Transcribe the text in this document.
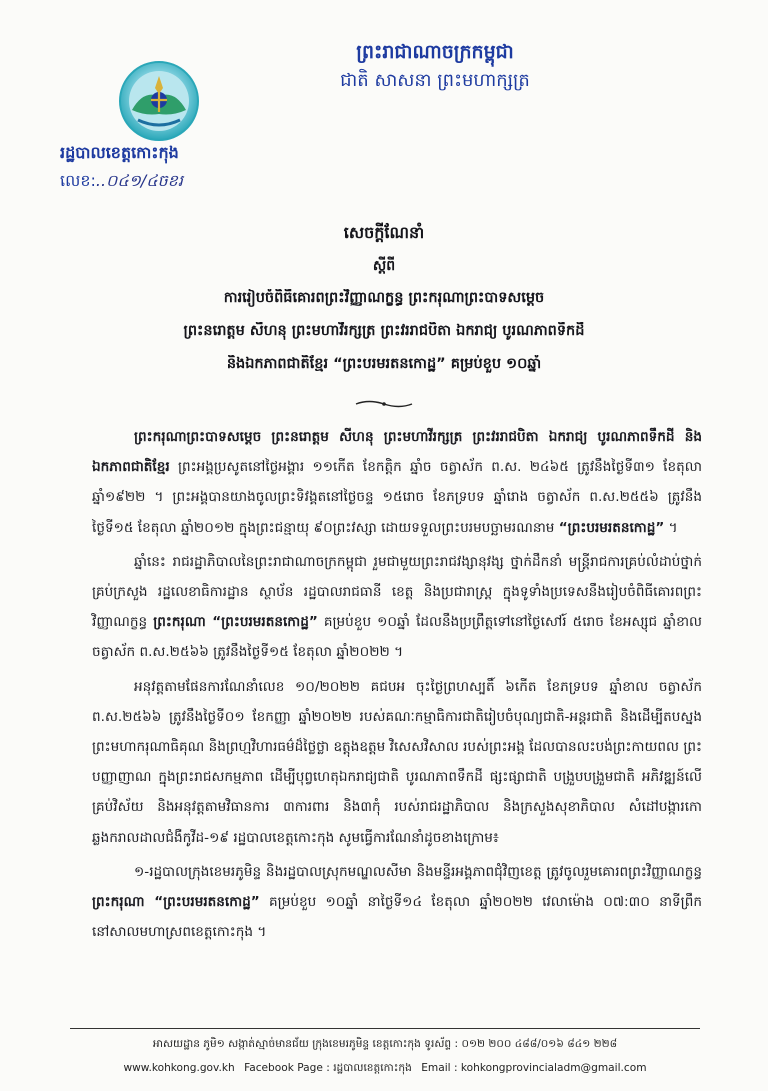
ព្រះរាជាណាចក្រកម្ពុជា
ជាតិ សាសនា ព្រះមហាក្សត្រ
រដ្ឋបាលខេត្តកោះកុង
លេខ:..០៤១/៤ចខរ
សេចក្ដីណែនាំ
ស្ដីពី
ការរៀបចំពិធីគោរពព្រះវិញ្ញាណក្ខន្ធ ព្រះករុណាព្រះបាទសម្ដេច
ព្រះនរោត្តម សីហនុ ព្រះមហាវីរក្សត្រ ព្រះវររាជបិតា ឯករាជ្យ បូរណភាពទឹកដី
និងឯកភាពជាតិខ្មែរ “ព្រះបរមរតនកោដ្ឋ” គម្រប់ខួប ១០ឆ្នាំ

ព្រះករុណាព្រះបាទសម្ដេច ព្រះនរោត្តម សីហនុ ព្រះមហាវីរក្សត្រ ព្រះវររាជបិតា ឯករាជ្យ បូរណភាពទឹកដី និងឯកភាពជាតិខ្មែរ ព្រះអង្គប្រសូតនៅថ្ងៃអង្គារ ១១កើត ខែកត្តិក ឆ្នាំច ចត្វាស័ក ព.ស. ២៤៦៥ ត្រូវនឹងថ្ងៃទី៣១ ខែតុលា ឆ្នាំ១៩២២ ។ ព្រះអង្គបានយាងចូលព្រះទិវង្គតនៅថ្ងៃចន្ទ ១៥រោច ខែភទ្របទ ឆ្នាំរោង ចត្វាស័ក ព.ស.២៥៥៦ ត្រូវនឹងថ្ងៃទី១៥ ខែតុលា ឆ្នាំ២០១២ ក្នុងព្រះជន្មាយុ ៩០ព្រះវស្សា ដោយទទួលព្រះបរមបច្ឆាមរណនាម “ព្រះបរមរតនកោដ្ឋ” ។

ឆ្នាំនេះ រាជរដ្ឋាភិបាលនៃព្រះរាជាណាចក្រកម្ពុជា រួមជាមួយព្រះរាជវង្សានុវង្ស ថ្នាក់ដឹកនាំ មន្ត្រីរាជការគ្រប់លំដាប់ថ្នាក់ គ្រប់ក្រសួង រដ្ឋលេខាធិការដ្ឋាន ស្ថាប័ន រដ្ឋបាលរាជធានី ខេត្ត និងប្រជារាស្ត្រ ក្នុងទូទាំងប្រទេសនឹងរៀបចំពិធីគោរពព្រះវិញ្ញាណក្ខន្ធ ព្រះករុណា “ព្រះបរមរតនកោដ្ឋ” គម្រប់ខួប ១០ឆ្នាំ ដែលនឹងប្រព្រឹត្តទៅនៅថ្ងៃសៅរ៍ ៥រោច ខែអស្សុជ ឆ្នាំខាល ចត្វាស័ក ព.ស.២៥៦៦ ត្រូវនឹងថ្ងៃទី១៥ ខែតុលា ឆ្នាំ២០២២ ។

អនុវត្តតាមផែនការណែនាំលេខ ១០/២០២២ គជបអ ចុះថ្ងៃព្រហស្បតិ៍ ៦កើត ខែភទ្របទ ឆ្នាំខាល ចត្វាស័ក ព.ស.២៥៦៦ ត្រូវនឹងថ្ងៃទី០១ ខែកញ្ញា ឆ្នាំ២០២២ របស់គណៈកម្មាធិការជាតិរៀបចំបុណ្យជាតិ-អន្តរជាតិ និងដើម្បីតបស្នងព្រះមហាករុណាធិគុណ និងព្រហ្មវិហារធម៌ដ៏ថ្លៃថ្លា ឧត្តុងឧត្តម វិសេសវិសាល របស់ព្រះអង្គ ដែលបានលះបង់ព្រះកាយពល ព្រះបញ្ញាញាណ ក្នុងព្រះរាជសកម្មភាព ដើម្បីបុព្វហេតុឯករាជ្យជាតិ បូរណភាពទឹកដី ផ្សះផ្សាជាតិ បង្រួបបង្រួមជាតិ អភិវឌ្ឍន៍លើគ្រប់វិស័យ និងអនុវត្តតាមវិធានការ ៣ការពារ និង៣កុំ របស់រាជរដ្ឋាភិបាល និងក្រសួងសុខាភិបាល សំដៅបង្ការកោឆ្លងករាលដាលជំងឺកូវីដ-១៩ រដ្ឋបាលខេត្តកោះកុង សូមធ្វើការណែនាំដូចខាងក្រោម៖

១-រដ្ឋបាលក្រុងខេមរភូមិន្ទ និងរដ្ឋបាលស្រុកមណ្ឌលសីមា និងមន្ទីរអង្គភាពជុំវិញខេត្ត ត្រូវចូលរួមគោរពព្រះវិញ្ញាណក្ខន្ធ ព្រះករុណា “ព្រះបរមរតនកោដ្ឋ” គម្រប់ខួប ១០ឆ្នាំ នាថ្ងៃទី១៤ ខែតុលា ឆ្នាំ២០២២ វេលាម៉ោង ០៧:៣០ នាទីព្រឹក នៅសាលមហាស្រពខេត្តកោះកុង ។

អាសយដ្ឋាន ភូមិ១ សង្កាត់ស្មាច់មានជ័យ ក្រុងខេមរភូមិន្ទ ខេត្តកោះកុង ទូរស័ព្ទ : ០១២ ២០០ ៤៨៨/០១៦ ៨៤១ ២២៨
www.kohkong.gov.kh Facebook Page : រដ្ឋបាលខេត្តកោះកុង Email : kohkongprovincialadm@gmail.com
